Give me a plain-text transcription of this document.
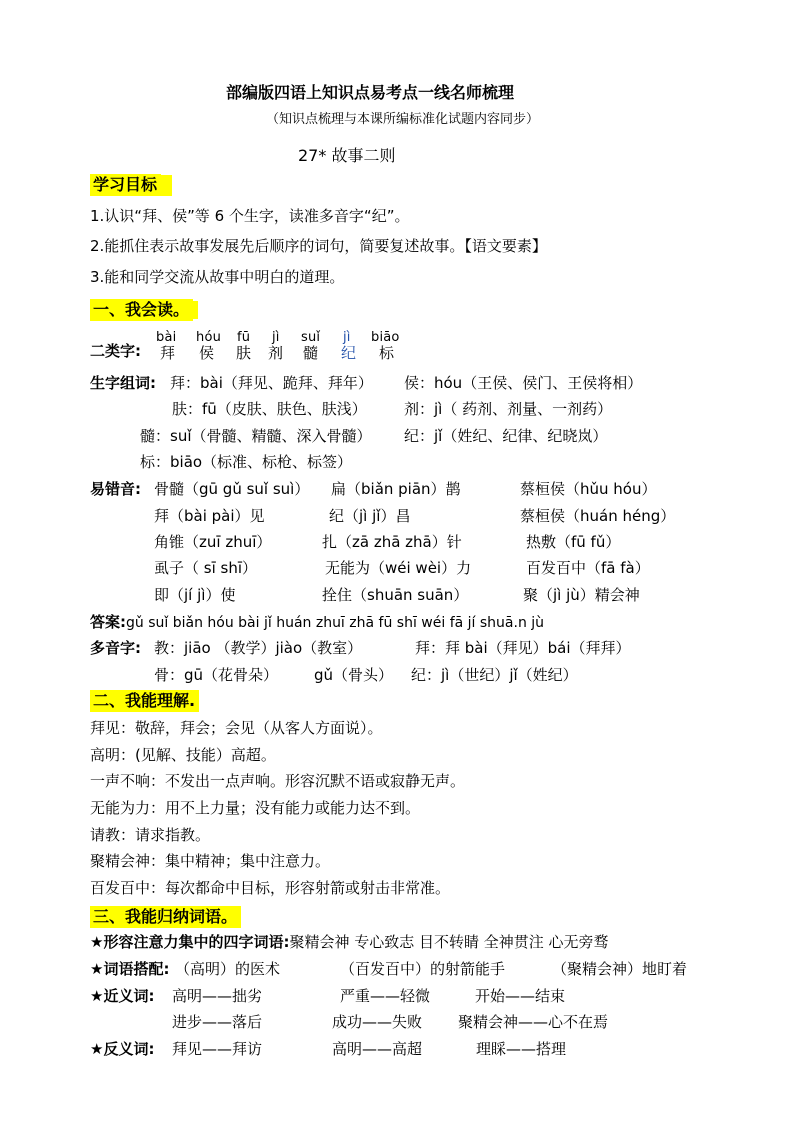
部编版四语上知识点易考点一线名师梳理
（知识点梳理与本课所编标准化试题内容同步）
27* 故事二则
学习目标
1.认识“拜、侯”等 6 个生字，读准多音字“纪”。
2.能抓住表示故事发展先后顺序的词句，简要复述故事。【语文要素】
3.能和同学交流从故事中明白的道理。
一、我会读。
二类字:
bài hóu fū jì suǐ jì biāo
拜 侯 肤 剂 髓 纪 标
生字组词: 拜：bài（拜见、跪拜、拜年） 侯：hóu（王侯、侯门、王侯将相）
肤：fū（皮肤、肤色、肤浅） 剂：jì（ 药剂、剂量、一剂药）
髓：suǐ（骨髓、精髓、深入骨髓） 纪：jǐ（姓纪、纪律、纪晓岚）
标：biāo（标准、标枪、标签）
易错音: 骨髓（gū gǔ suǐ suì） 扁（biǎn piān）鹊	蔡桓侯（hǔu hóu）
拜（bài pài）见	纪（jì jǐ）昌	蔡桓侯（huán héng）
角锥（zuī zhuī）	扎（zā zhā zhā）针	热敷（fū fǔ）
虱子（ sī shī）	无能为（wéi wèi）力	百发百中（fā fà）
即（jí jì）使	拴住（shuān suān）	聚（jì jù）精会神
答案:gǔ suǐ biǎn hóu bài jǐ huán zhuī zhā fū shī wéi fā jí shuā.n jù
多音字: 教：jiāo （教学）jiào（教室）	拜：拜 bài（拜见）bái（拜拜）
骨：gū（花骨朵） gǔ（骨头） 纪：jì（世纪）jǐ（姓纪）
二、我能理解.
拜见：敬辞，拜会；会见（从客人方面说）。
高明：(见解、技能）高超。
一声不响：不发出一点声响。形容沉默不语或寂静无声。
无能为力：用不上力量；没有能力或能力达不到。
请教：请求指教。
聚精会神：集中精神；集中注意力。
百发百中：每次都命中目标，形容射箭或射击非常准。
三、我能归纳词语。
★形容注意力集中的四字词语:聚精会神 专心致志 目不转睛 全神贯注 心无旁骛
★词语搭配: （高明）的医术	（百发百中）的射箭能手	（聚精会神）地盯着
★近义词: 高明——拙劣	严重——轻微	开始——结束
进步——落后	成功——失败 聚精会神——心不在焉
★反义词: 拜见——拜访	高明——高超	理睬——搭理
